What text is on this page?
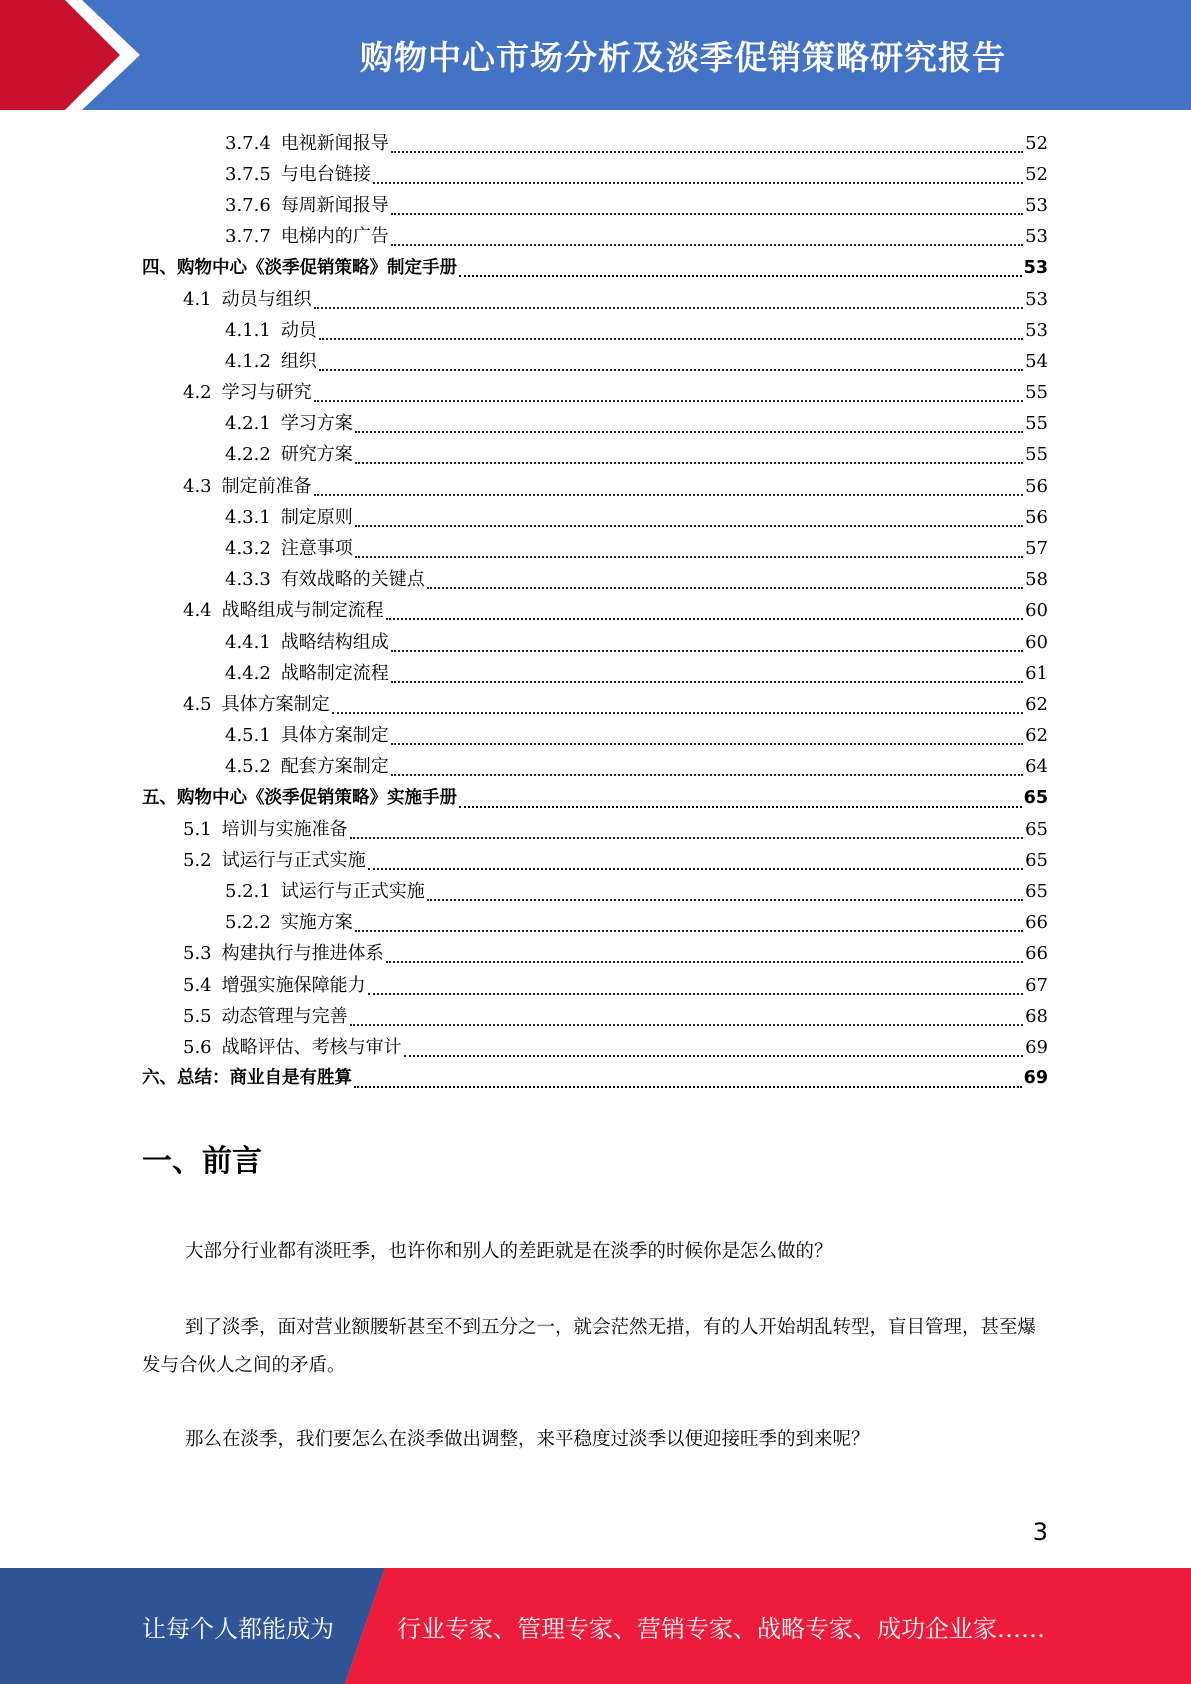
购物中心市场分析及淡季促销策略研究报告
3.7.4 电视新闻报导	52
3.7.5 与电台链接	52
3.7.6 每周新闻报导	53
3.7.7 电梯内的广告	53
四、购物中心《淡季促销策略》制定手册	53
4.1 动员与组织	53
4.1.1 动员	53
4.1.2 组织	54
4.2 学习与研究	55
4.2.1 学习方案	55
4.2.2 研究方案	55
4.3 制定前准备	56
4.3.1 制定原则	56
4.3.2 注意事项	57
4.3.3 有效战略的关键点	58
4.4 战略组成与制定流程	60
4.4.1 战略结构组成	60
4.4.2 战略制定流程	61
4.5 具体方案制定	62
4.5.1 具体方案制定	62
4.5.2 配套方案制定	64
五、购物中心《淡季促销策略》实施手册	65
5.1 培训与实施准备	65
5.2 试运行与正式实施	65
5.2.1 试运行与正式实施	65
5.2.2 实施方案	66
5.3 构建执行与推进体系	66
5.4 增强实施保障能力	67
5.5 动态管理与完善	68
5.6 战略评估、考核与审计	69
六、总结：商业自是有胜算	69
一、前言

大部分行业都有淡旺季，也许你和别人的差距就是在淡季的时候你是怎么做的？

到了淡季，面对营业额腰斩甚至不到五分之一，就会茫然无措，有的人开始胡乱转型，盲目管理，甚至爆发与合伙人之间的矛盾。

那么在淡季，我们要怎么在淡季做出调整，来平稳度过淡季以便迎接旺季的到来呢？

3
让每个人都能成为	行业专家、管理专家、营销专家、战略专家、成功企业家……
